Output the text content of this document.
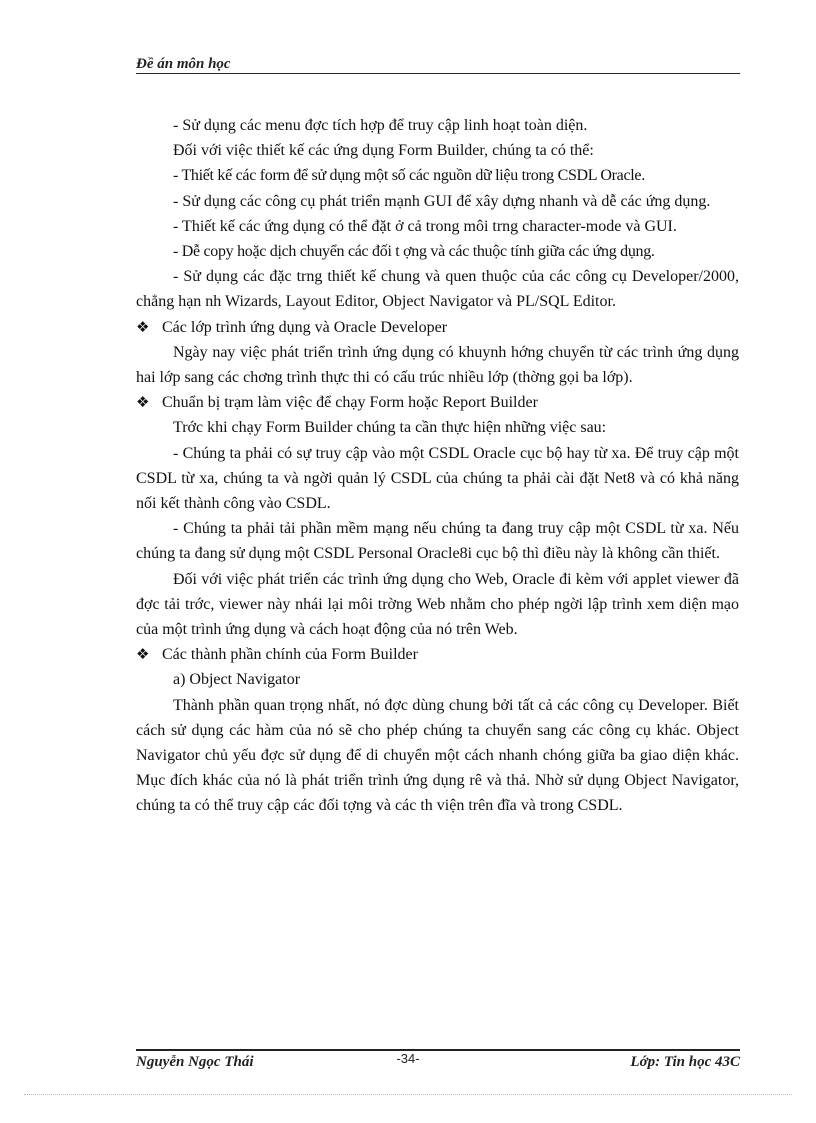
Đề án môn học

- Sử dụng các menu đợc tích hợp để truy cập linh hoạt toàn diện.

Đối với việc thiết kế các ứng dụng Form Builder, chúng ta có thể:

- Thiết kế các form để sử dụng một số các nguồn dữ liệu trong CSDL Oracle.

- Sử dụng các công cụ phát triển mạnh GUI để xây dựng nhanh và dễ các ứng dụng.

- Thiết kế các ứng dụng có thể đặt ở cả trong môi trng character-mode và GUI.

- Dễ copy hoặc dịch chuyển các đối t ợng và các thuộc tính giữa các ứng dụng.

- Sử dụng các đặc trng thiết kế chung và quen thuộc của các công cụ Developer/2000, chẳng hạn nh Wizards, Layout Editor, Object Navigator và PL/SQL Editor.

❖ Các lớp trình ứng dụng và Oracle Developer

Ngày nay việc phát triển trình ứng dụng có khuynh hớng chuyển từ các trình ứng dụng hai lớp sang các chơng trình thực thi có cấu trúc nhiều lớp (thờng gọi ba lớp).

❖ Chuẩn bị trạm làm việc để chạy Form hoặc Report Builder

Trớc khi chạy Form Builder chúng ta cần thực hiện những việc sau:

- Chúng ta phải có sự truy cập vào một CSDL Oracle cục bộ hay từ xa. Để truy cập một CSDL từ xa, chúng ta và ngời quản lý CSDL của chúng ta phải cài đặt Net8 và có khả năng nối kết thành công vào CSDL.

- Chúng ta phải tải phần mềm mạng nếu chúng ta đang truy cập một CSDL từ xa. Nếu chúng ta đang sử dụng một CSDL Personal Oracle8i cục bộ thì điều này là không cần thiết.

Đối với việc phát triển các trình ứng dụng cho Web, Oracle đi kèm với applet viewer đã đợc tải trớc, viewer này nhái lại môi trờng Web nhằm cho phép ngời lập trình xem diện mạo của một trình ứng dụng và cách hoạt động của nó trên Web.

❖ Các thành phần chính của Form Builder

a) Object Navigator

Thành phần quan trọng nhất, nó đợc dùng chung bởi tất cả các công cụ Developer. Biết cách sử dụng các hàm của nó sẽ cho phép chúng ta chuyển sang các công cụ khác. Object Navigator chủ yếu đợc sử dụng để di chuyển một cách nhanh chóng giữa ba giao diện khác. Mục đích khác của nó là phát triển trình ứng dụng rê và thả. Nhờ sử dụng Object Navigator, chúng ta có thể truy cập các đối tợng và các th viện trên đĩa và trong CSDL.

Nguyễn Ngọc Thái	-34-	Lớp: Tin học 43C
